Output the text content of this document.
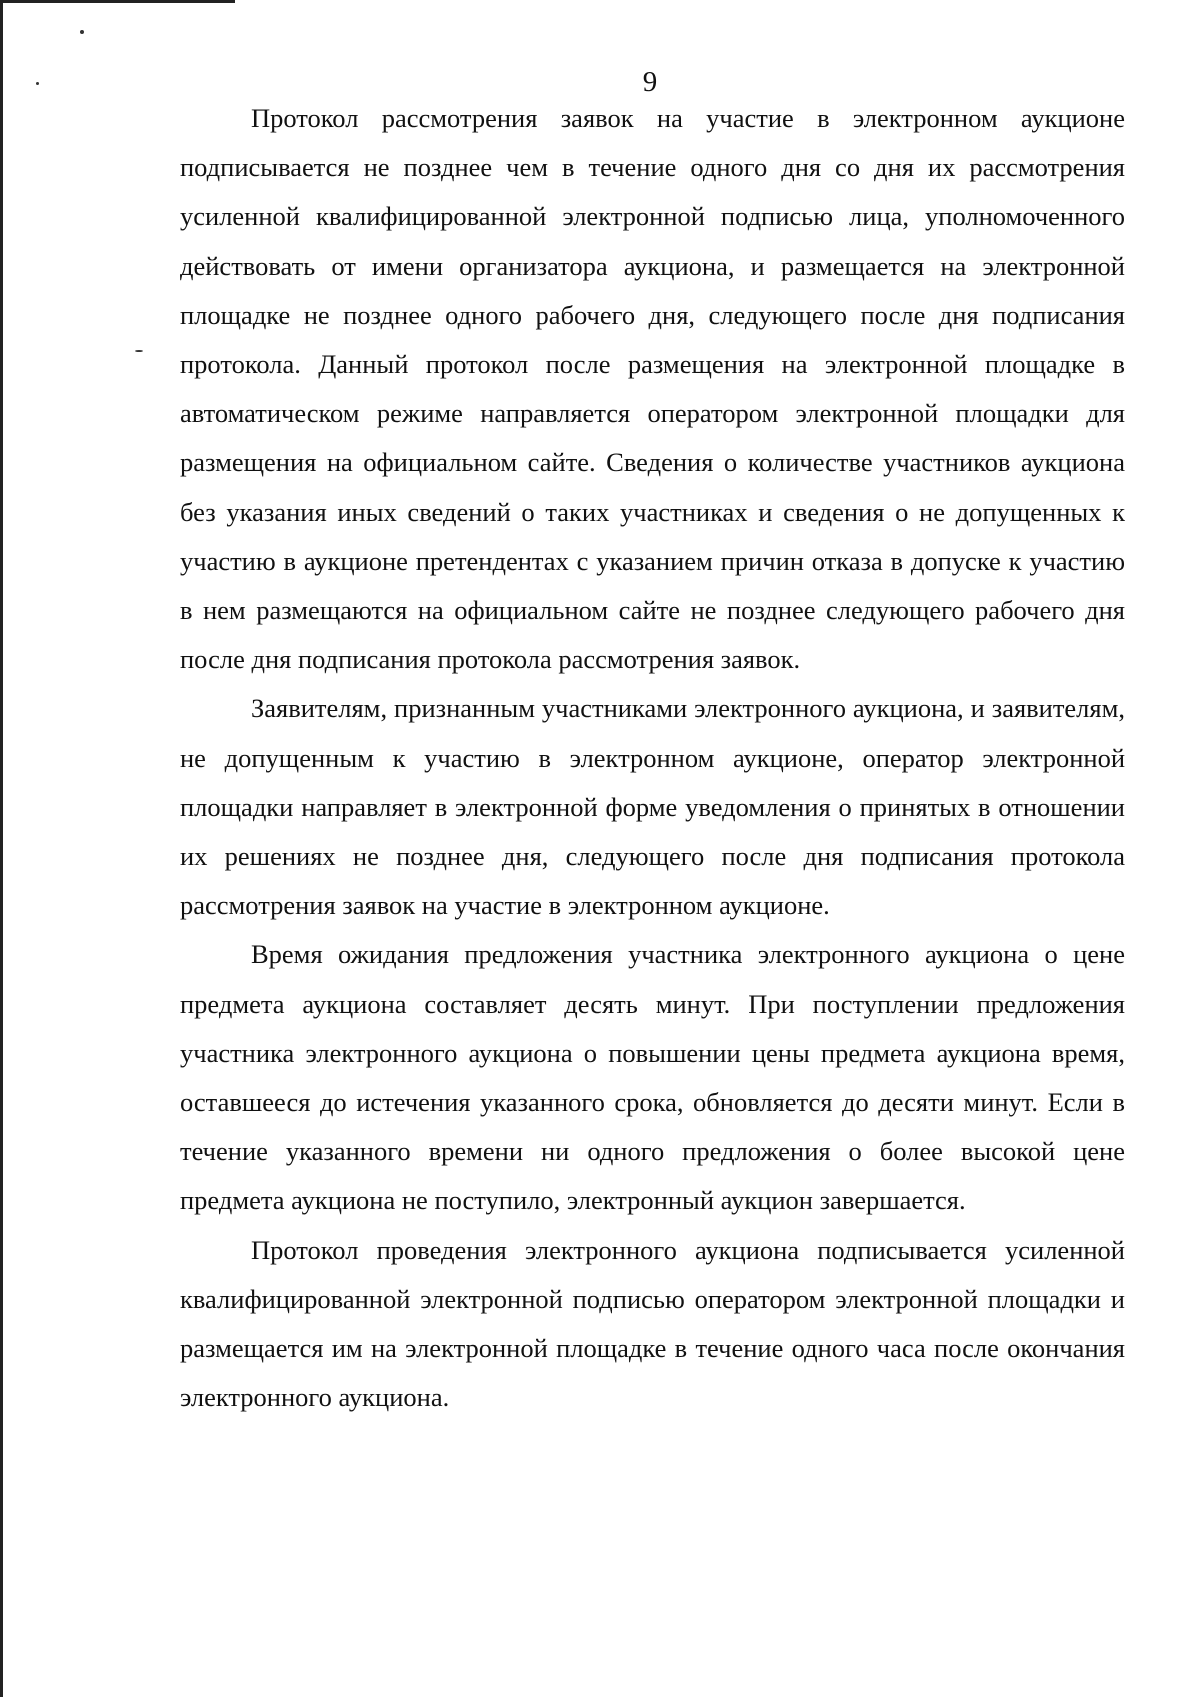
9

Протокол рассмотрения заявок на участие в электронном аукционе подписывается не позднее чем в течение одного дня со дня их рассмотрения усиленной квалифицированной электронной подписью лица, уполномоченного действовать от имени организатора аукциона, и размещается на электронной площадке не позднее одного рабочего дня, следующего после дня подписания протокола. Данный протокол после размещения на электронной площадке в автоматическом режиме направляется оператором электронной площадки для размещения на официальном сайте. Сведения о количестве участников аукциона без указания иных сведений о таких участниках и сведения о не допущенных к участию в аукционе претендентах с указанием причин отказа в допуске к участию в нем размещаются на официальном сайте не позднее следующего рабочего дня после дня подписания протокола рассмотрения заявок.

Заявителям, признанным участниками электронного аукциона, и заявителям, не допущенным к участию в электронном аукционе, оператор электронной площадки направляет в электронной форме уведомления о принятых в отношении их решениях не позднее дня, следующего после дня подписания протокола рассмотрения заявок на участие в электронном аукционе.

Время ожидания предложения участника электронного аукциона о цене предмета аукциона составляет десять минут. При поступлении предложения участника электронного аукциона о повышении цены предмета аукциона время, оставшееся до истечения указанного срока, обновляется до десяти минут. Если в течение указанного времени ни одного предложения о более высокой цене предмета аукциона не поступило, электронный аукцион завершается.

Протокол проведения электронного аукциона подписывается усиленной квалифицированной электронной подписью оператором электронной площадки и размещается им на электронной площадке в течение одного часа после окончания электронного аукциона.
